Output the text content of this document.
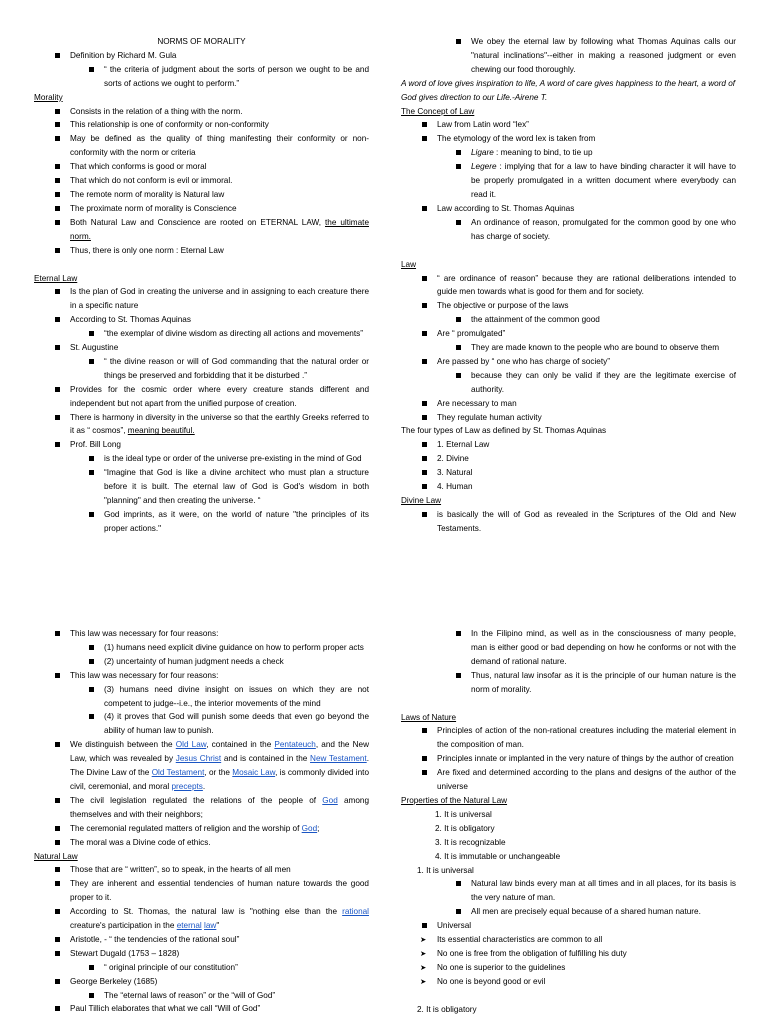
NORMS OF MORALITY

Definition by Richard M. Gula

“ the criteria of judgment about the sorts of person we ought to be and sorts of actions we ought to perform.”

Morality

Consists in the relation of a thing with the norm.

This relationship is one of conformity or non-conformity

May be defined as the quality of thing manifesting their conformity or non-conformity with the norm or criteria

That which conforms is good or moral

That which do not conform is evil or immoral.

The remote norm of morality is Natural law

The proximate norm of morality is Conscience

Both Natural Law and Conscience are rooted on ETERNAL LAW, the ultimate norm.

Thus, there is only one norm : Eternal Law

Eternal Law

Is the plan of God in creating the universe and in assigning to each creature there in a specific nature

According to St. Thomas Aquinas

“the exemplar of divine wisdom as directing all actions and movements”

St. Augustine

“ the divine reason or will of God commanding that the natural order or things be preserved and forbidding that it be disturbed .”

Provides for the cosmic order where every creature stands different and independent but not apart from the unified purpose of creation.

There is harmony in diversity in the universe so that the earthly Greeks referred to it as “ cosmos”, meaning beautiful.

Prof. Bill Long

is the ideal type or order of the universe pre-existing in the mind of God

“Imagine that God is like a divine architect who must plan a structure before it is built. The eternal law of God is God's wisdom in both "planning" and then creating the universe. “

God imprints, as it were, on the world of nature "the principles of its proper actions."

We obey the eternal law by following what Thomas Aquinas calls our "natural inclinations"--either in making a reasoned judgment or even chewing our food thoroughly.

A word of love gives inspiration to life, A word of care gives happiness to the heart, a word of God gives direction to our Life.-Airene T.

The Concept of Law

Law from Latin word “lex”

The etymology of the word lex is taken from

Ligare : meaning to bind, to tie up

Legere : implying that for a law to have binding character it will have to be properly promulgated in a written document where everybody can read it.

Law according to St. Thomas Aquinas

An ordinance of reason, promulgated for the common good by one who has charge of society.

Law

“ are ordinance of reason” because they are rational deliberations intended to guide men towards what is good for them and for society.

The objective or purpose of the laws

the attainment of the common good

Are “ promulgated”

They are made known to the people who are bound to observe them

Are passed by “ one who has charge of society”

because they can only be valid if they are the legitimate exercise of authority.

Are necessary to man

They regulate human activity

The four types of Law as defined by St. Thomas Aquinas

1. Eternal Law

2. Divine

3. Natural

4. Human

Divine Law

is basically the will of God as revealed in the Scriptures of the Old and New Testaments.

This law was necessary for four reasons:

(1) humans need explicit divine guidance on how to perform proper acts

(2) uncertainty of human judgment needs a check

This law was necessary for four reasons:

(3) humans need divine insight on issues on which they are not competent to judge--i.e., the interior movements of the mind

(4) it proves that God will punish some deeds that even go beyond the ability of human law to punish.

We distinguish between the Old Law, contained in the Pentateuch, and the New Law, which was revealed by Jesus Christ and is contained in the New Testament. The Divine Law of the Old Testament, or the Mosaic Law, is commonly divided into civil, ceremonial, and moral precepts.

The civil legislation regulated the relations of the people of God among themselves and with their neighbors;

The ceremonial regulated matters of religion and the worship of God;

The moral was a Divine code of ethics.

Natural Law

Those that are “ written”, so to speak, in the hearts of all men

They are inherent and essential tendencies of human nature towards the good proper to it.

According to St. Thomas, the natural law is "nothing else than the rational creature's participation in the eternal law"

Aristotle, - “ the tendencies of the rational soul”

Stewart Dugald (1753 – 1828)

“ original principle of our constitution”

George Berkeley (1685)

The “eternal laws of reason” or the “will of God”

Paul Tillich elaborates that what we call “Will of God”

In the Filipino mind, as well as in the consciousness of many people, man is either good or bad depending on how he conforms or not with the demand of rational nature.

Thus, natural law insofar as it is the principle of our human nature is the norm of morality.

Laws of Nature

Principles of action of the non-rational creatures including the material element in the composition of man.

Principles innate or implanted in the very nature of things by the author of creation

Are fixed and determined according to the plans and designs of the author of the universe

Properties of the Natural Law

1. It is universal

2. It is obligatory

3. It is recognizable

4. It is immutable or unchangeable

1. It is universal

Natural law binds every man at all times and in all places, for its basis is the very nature of man.

All men are precisely equal because of a shared human nature.

Universal

➤ Its essential characteristics are common to all

➤ No one is free from the obligation of fulfilling his duty

➤ No one is superior to the guidelines

➤ No one is beyond good or evil

2. It is obligatory
